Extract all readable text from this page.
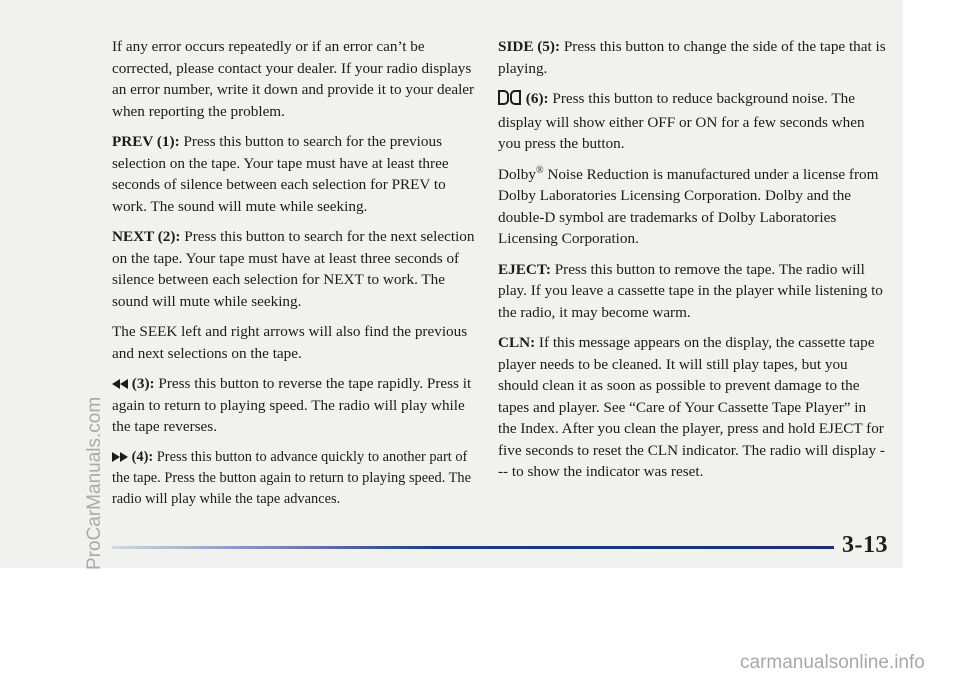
If any error occurs repeatedly or if an error can’t be corrected, please contact your dealer. If your radio displays an error number, write it down and provide it to your dealer when reporting the problem.

PREV (1): Press this button to search for the previous selection on the tape. Your tape must have at least three seconds of silence between each selection for PREV to work. The sound will mute while seeking.

NEXT (2): Press this button to search for the next selection on the tape. Your tape must have at least three seconds of silence between each selection for NEXT to work. The sound will mute while seeking.

The SEEK left and right arrows will also find the previous and next selections on the tape.

(3): Press this button to reverse the tape rapidly. Press it again to return to playing speed. The radio will play while the tape reverses.

(4): Press this button to advance quickly to another part of the tape. Press the button again to return to playing speed. The radio will play while the tape advances.

SIDE (5): Press this button to change the side of the tape that is playing.

(6): Press this button to reduce background noise. The display will show either OFF or ON for a few seconds when you press the button.

Dolby® Noise Reduction is manufactured under a license from Dolby Laboratories Licensing Corporation. Dolby and the double-D symbol are trademarks of Dolby Laboratories Licensing Corporation.

EJECT: Press this button to remove the tape. The radio will play. If you leave a cassette tape in the player while listening to the radio, it may become warm.

CLN: If this message appears on the display, the cassette tape player needs to be cleaned. It will still play tapes, but you should clean it as soon as possible to prevent damage to the tapes and player. See “Care of Your Cassette Tape Player” in the Index. After you clean the player, press and hold EJECT for five seconds to reset the CLN indicator. The radio will display --- to show the indicator was reset.

3-13
ProCarManuals.com
carmanualsonline.info
